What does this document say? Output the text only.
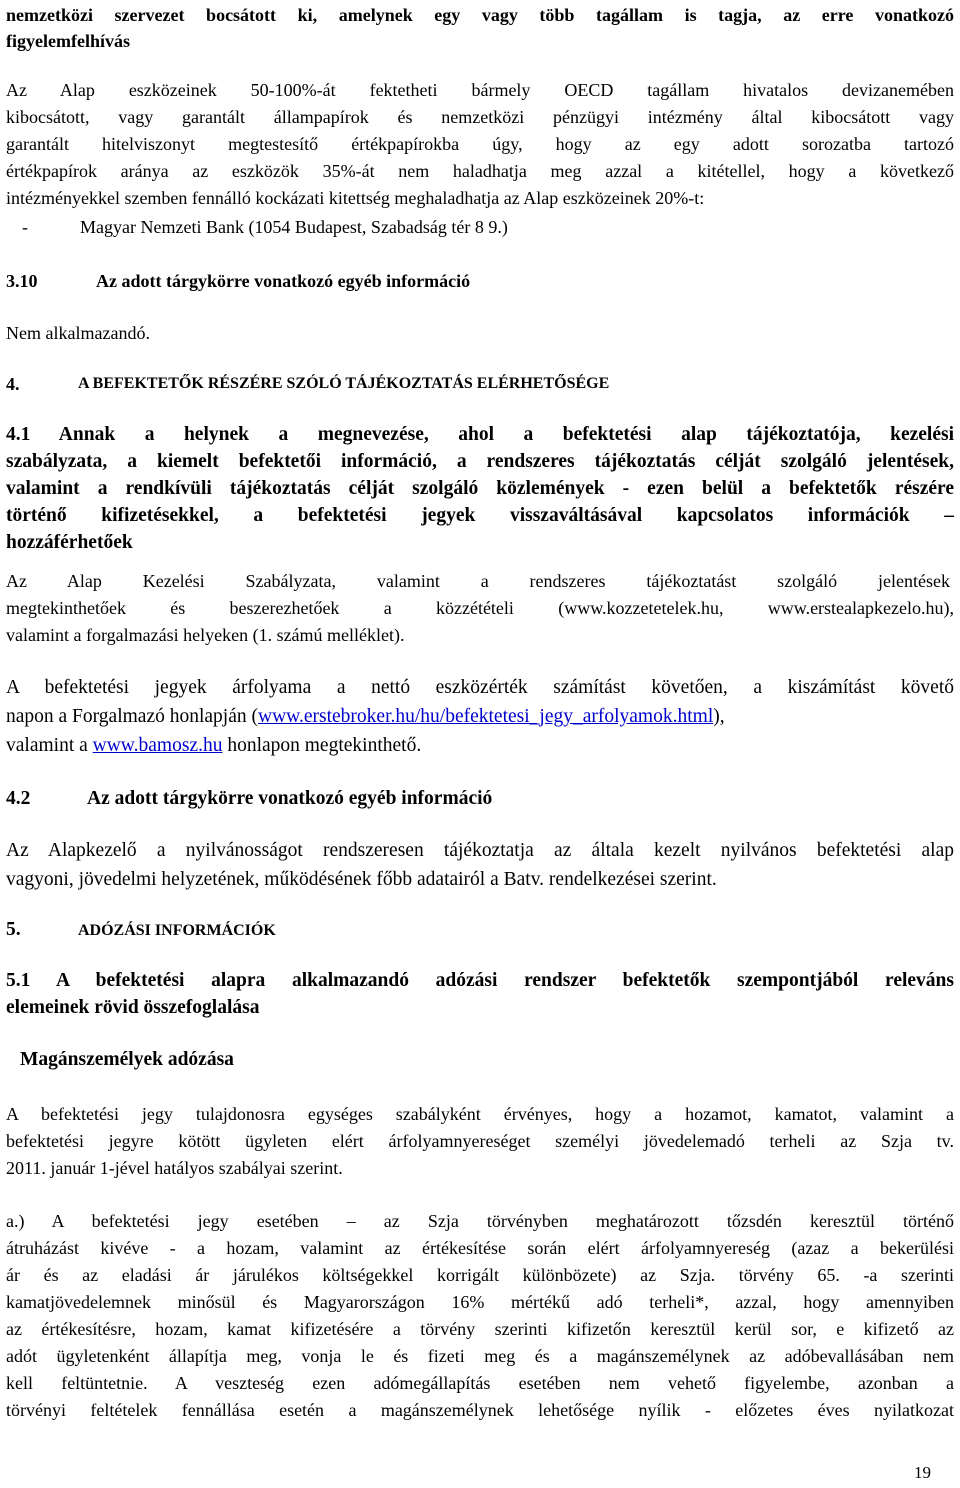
nemzetközi szervezet bocsátott ki, amelynek egy vagy több tagállam is tagja, az erre vonatkozó
figyelemfelhívás
Az Alap eszközeinek 50-100%-át fektetheti bármely OECD tagállam hivatalos devizanemében
kibocsátott, vagy garantált állampapírok és nemzetközi pénzügyi intézmény által kibocsátott vagy
garantált hitelviszonyt megtestesítő értékpapírokba úgy, hogy az egy adott sorozatba tartozó
értékpapírok aránya az eszközök 35%-át nem haladhatja meg azzal a kitétellel, hogy a következő
intézményekkel szemben fennálló kockázati kitettség meghaladhatja az Alap eszközeinek 20%-t:
-	Magyar Nemzeti Bank (1054 Budapest, Szabadság tér 8 9.)
3.10	Az adott tárgykörre vonatkozó egyéb információ
Nem alkalmazandó.
4.	A BEFEKTETŐK RÉSZÉRE SZÓLÓ TÁJÉKOZTATÁS ELÉRHETŐSÉGE
4.1 Annak a helynek a megnevezése, ahol a befektetési alap tájékoztatója, kezelési
szabályzata, a kiemelt befektetői információ, a rendszeres tájékoztatás célját szolgáló jelentések,
valamint a rendkívüli tájékoztatás célját szolgáló közlemények - ezen belül a befektetők részére
történő kifizetésekkel, a befektetési jegyek visszaváltásával kapcsolatos információk –
hozzáférhetőek
Az Alap Kezelési Szabályzata, valamint a rendszeres tájékoztatást szolgáló jelentések
megtekinthetőek és beszerezhetőek a közzétételi (www.kozzetetelek.hu, www.erstealapkezelo.hu),
valamint a forgalmazási helyeken (1. számú melléklet).
A befektetési jegyek árfolyama a nettó eszközérték számítást követően, a kiszámítást követő
napon a Forgalmazó honlapján (www.erstebroker.hu/hu/befektetesi_jegy_arfolyamok.html),
valamint a www.bamosz.hu honlapon megtekinthető.
4.2	Az adott tárgykörre vonatkozó egyéb információ
Az Alapkezelő a nyilvánosságot rendszeresen tájékoztatja az általa kezelt nyilvános befektetési alap
vagyoni, jövedelmi helyzetének, működésének főbb adatairól a Batv. rendelkezései szerint.
5.	ADÓZÁSI INFORMÁCIÓK
5.1 A befektetési alapra alkalmazandó adózási rendszer befektetők szempontjából releváns
elemeinek rövid összefoglalása
Magánszemélyek adózása
A befektetési jegy tulajdonosra egységes szabályként érvényes, hogy a hozamot, kamatot, valamint a
befektetési jegyre kötött ügyleten elért árfolyamnyereséget személyi jövedelemadó terheli az Szja tv.
2011. január 1-jével hatályos szabályai szerint.
a.) A befektetési jegy esetében – az Szja törvényben meghatározott tőzsdén keresztül történő
átruházást kivéve - a hozam, valamint az értékesítése során elért árfolyamnyereség (azaz a bekerülési
ár és az eladási ár járulékos költségekkel korrigált különbözete) az Szja. törvény 65. -a szerinti
kamatjövedelemnek minősül és Magyarországon 16% mértékű adó terheli*, azzal, hogy amennyiben
az értékesítésre, hozam, kamat kifizetésére a törvény szerinti kifizetőn keresztül kerül sor, e kifizető az
adót ügyletenként állapítja meg, vonja le és fizeti meg és a magánszemélynek az adóbevallásában nem
kell feltüntetnie. A veszteség ezen adómegállapítás esetében nem vehető figyelembe, azonban a
törvényi feltételek fennállása esetén a magánszemélynek lehetősége nyílik - előzetes éves nyilatkozat
19
